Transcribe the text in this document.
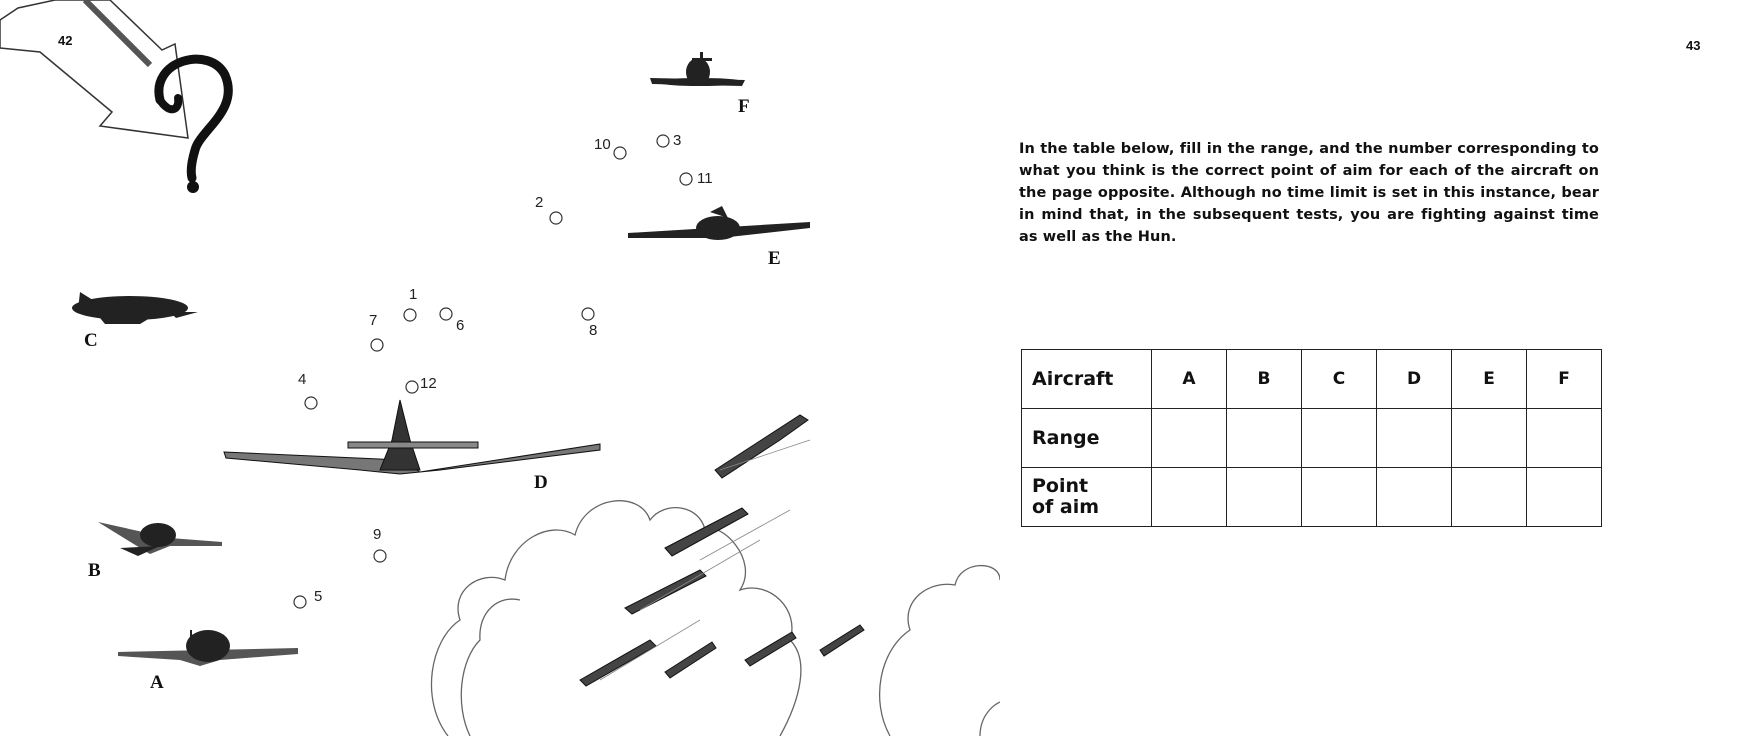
42	43
F
E
C
D
B
A
1
2
3
4
5
6
7
8
9
10
11
12
In the table below, fill in the range, and the number corresponding to what you think is the correct point of aim for each of the aircraft on the page opposite. Although no time limit is set in this instance, bear in mind that, in the subsequent tests, you are fighting against time as well as the Hun.
Aircraft	A	B	C	D	E	F
Range						
Point
of aim						
